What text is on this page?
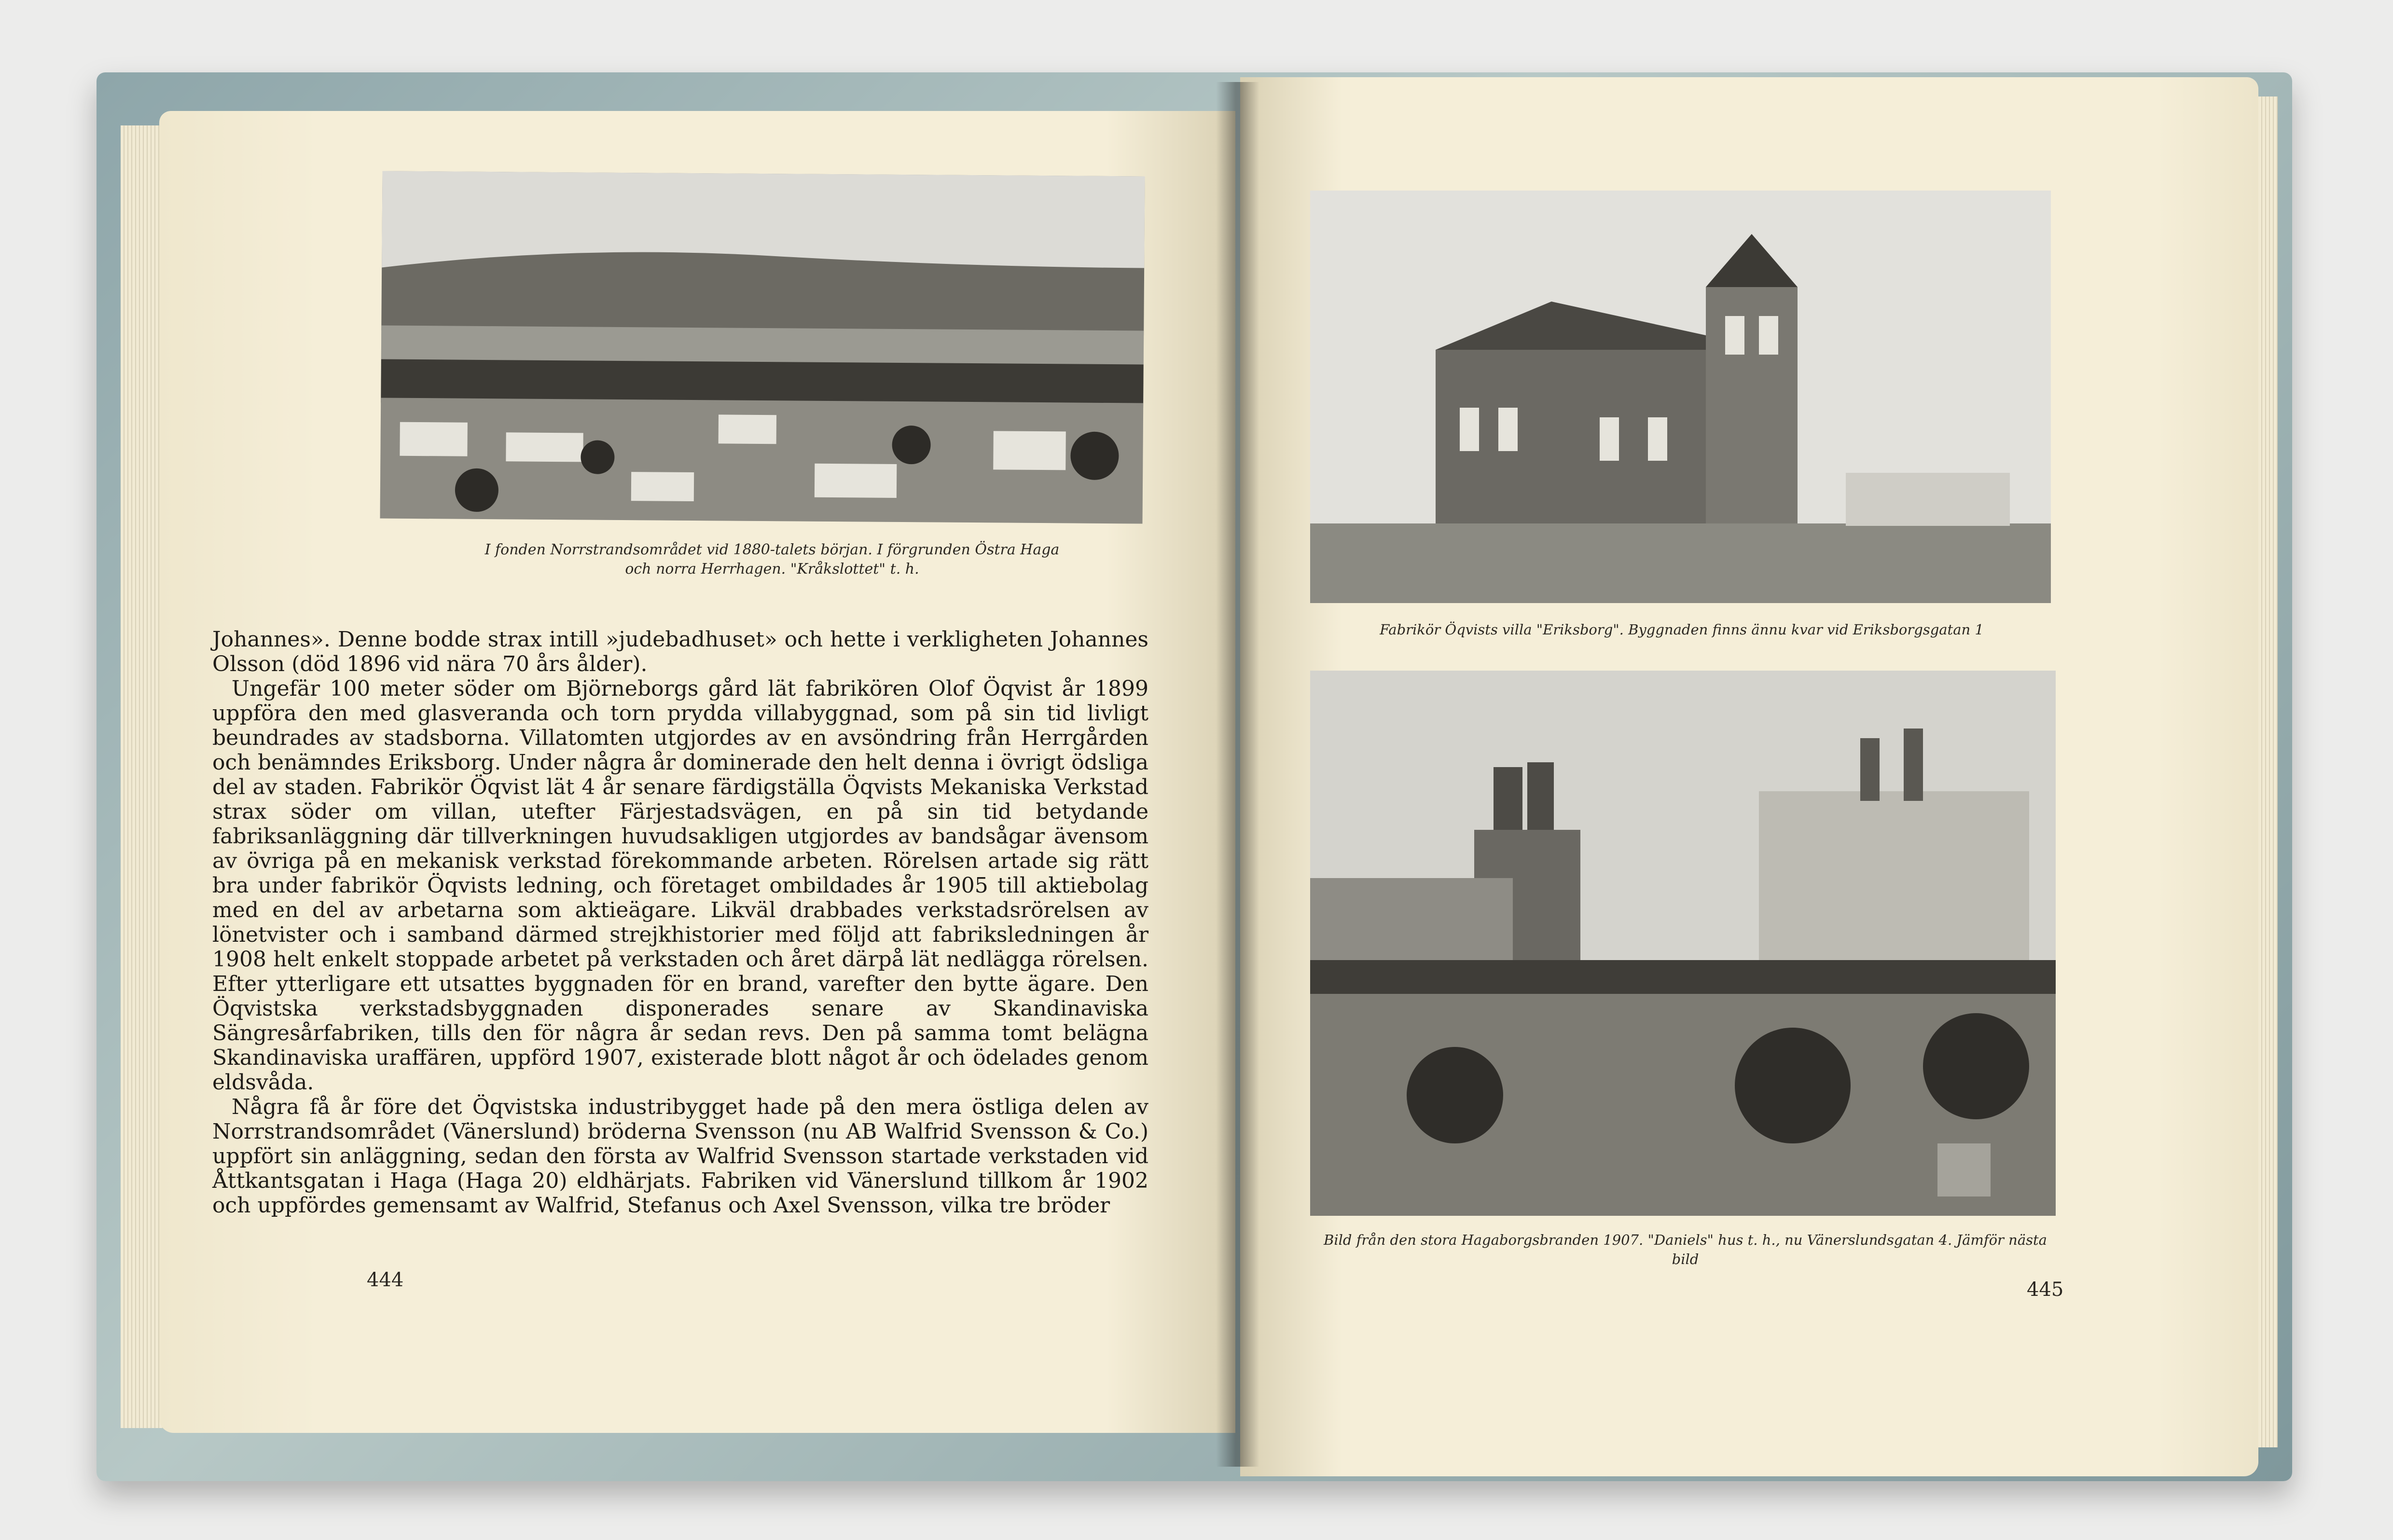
I fonden Norrstrandsområdet vid 1880-talets början. I förgrunden Östra Haga och norra Herrhagen. "Kråkslottet" t. h.

Johannes». Denne bodde strax intill »judebadhuset» och hette i verkligheten Johannes Olsson (död 1896 vid nära 70 års ålder).

Ungefär 100 meter söder om Björneborgs gård lät fabrikören Olof Öqvist år 1899 uppföra den med glasveranda och torn prydda villabyggnad, som på sin tid livligt beundrades av stadsborna. Villatomten utgjordes av en avsöndring från Herrgården och benämndes Eriksborg. Under några år dominerade den helt denna i övrigt ödsliga del av staden. Fabrikör Öqvist lät 4 år senare färdigställa Öqvists Mekaniska Verkstad strax söder om villan, utefter Färjestadsvägen, en på sin tid betydande fabriksanläggning där tillverkningen huvudsakligen utgjordes av bandsågar ävensom av övriga på en mekanisk verkstad förekommande arbeten. Rörelsen artade sig rätt bra under fabrikör Öqvists ledning, och företaget ombildades år 1905 till aktiebolag med en del av arbetarna som aktieägare. Likväl drabbades verkstadsrörelsen av lönetvister och i samband därmed strejkhistorier med följd att fabriksledningen år 1908 helt enkelt stoppade arbetet på verkstaden och året därpå lät nedlägga rörelsen. Efter ytterligare ett utsattes byggnaden för en brand, varefter den bytte ägare. Den Öqvistska verkstadsbyggnaden disponerades senare av Skandinaviska Sängresårfabriken, tills den för några år sedan revs. Den på samma tomt belägna Skandinaviska uraffären, uppförd 1907, existerade blott något år och ödelades genom eldsvåda.

Några få år före det Öqvistska industribygget hade på den mera östliga delen av Norrstrandsområdet (Vänerslund) bröderna Svensson (nu AB Walfrid Svensson & Co.) uppfört sin anläggning, sedan den första av Walfrid Svensson startade verkstaden vid Åttkantsgatan i Haga (Haga 20) eldhärjats. Fabriken vid Vänerslund tillkom år 1902 och uppfördes gemensamt av Walfrid, Stefanus och Axel Svensson, vilka tre bröder

444
Fabrikör Öqvists villa "Eriksborg". Byggnaden finns ännu kvar vid Eriksborgsgatan 1
Bild från den stora Hagaborgsbranden 1907. "Daniels" hus t. h., nu Vänerslundsgatan 4. Jämför nästa bild
445
